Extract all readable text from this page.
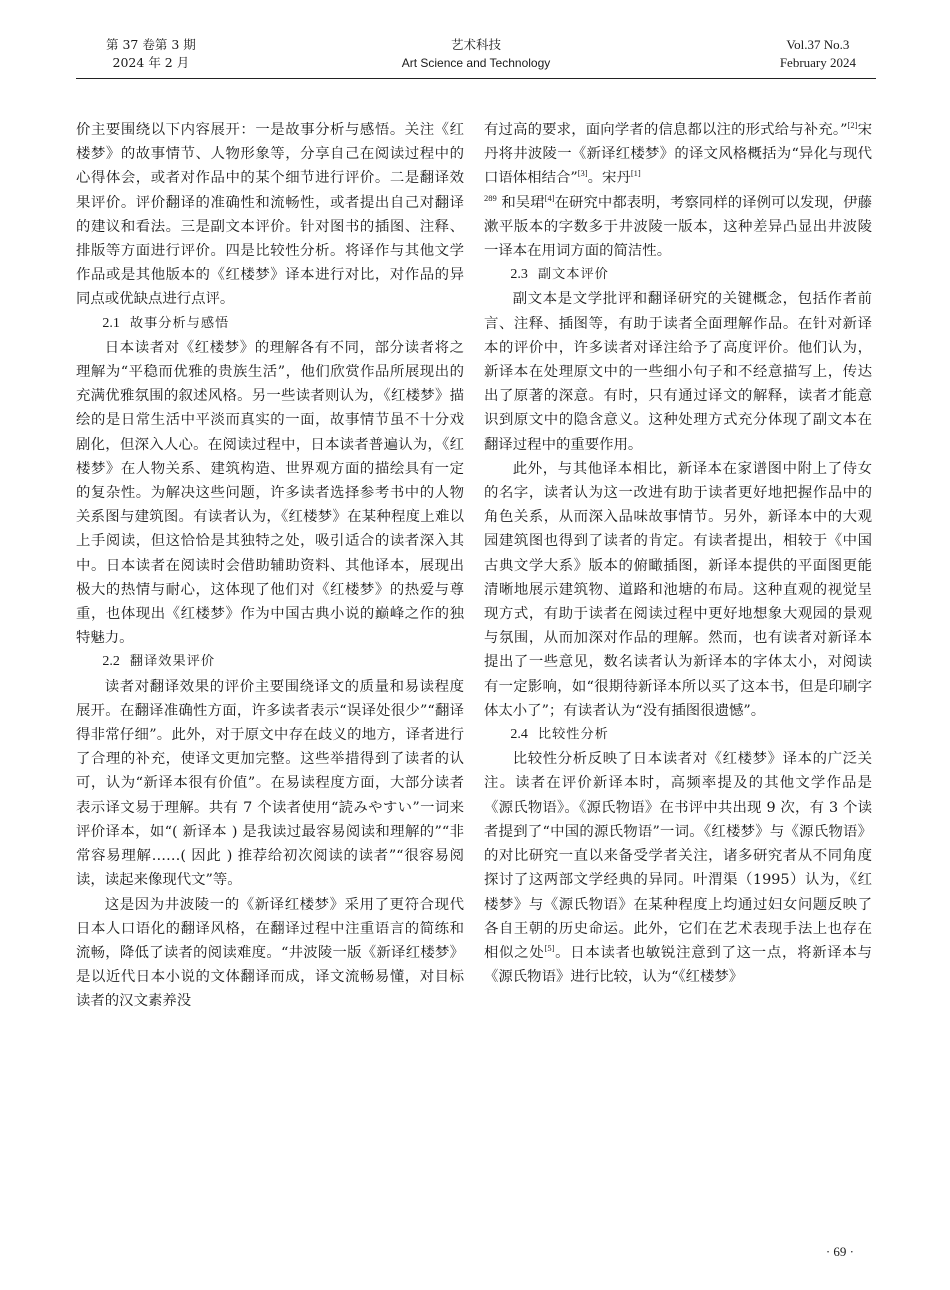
第 37 卷第 3 期
2024 年 2 月
艺术科技
Art Science and Technology
Vol.37 No.3
February 2024

价主要围绕以下内容展开：一是故事分析与感悟。关注《红楼梦》的故事情节、人物形象等，分享自己在阅读过程中的心得体会，或者对作品中的某个细节进行评价。二是翻译效果评价。评价翻译的准确性和流畅性，或者提出自己对翻译的建议和看法。三是副文本评价。针对图书的插图、注释、排版等方面进行评价。四是比较性分析。将译作与其他文学作品或是其他版本的《红楼梦》译本进行对比，对作品的异同点或优缺点进行点评。

2.1 故事分析与感悟

日本读者对《红楼梦》的理解各有不同，部分读者将之理解为“平稳而优雅的贵族生活”，他们欣赏作品所展现出的充满优雅氛围的叙述风格。另一些读者则认为，《红楼梦》描绘的是日常生活中平淡而真实的一面，故事情节虽不十分戏剧化，但深入人心。在阅读过程中，日本读者普遍认为，《红楼梦》在人物关系、建筑构造、世界观方面的描绘具有一定的复杂性。为解决这些问题，许多读者选择参考书中的人物关系图与建筑图。有读者认为，《红楼梦》在某种程度上难以上手阅读，但这恰恰是其独特之处，吸引适合的读者深入其中。日本读者在阅读时会借助辅助资料、其他译本，展现出极大的热情与耐心，这体现了他们对《红楼梦》的热爱与尊重，也体现出《红楼梦》作为中国古典小说的巅峰之作的独特魅力。

2.2 翻译效果评价

读者对翻译效果的评价主要围绕译文的质量和易读程度展开。在翻译准确性方面，许多读者表示“误译处很少”“翻译得非常仔细”。此外，对于原文中存在歧义的地方，译者进行了合理的补充，使译文更加完整。这些举措得到了读者的认可，认为“新译本很有价值”。在易读程度方面，大部分读者表示译文易于理解。共有 7 个读者使用“読みやすい”一词来评价译本，如“( 新译本 ) 是我读过最容易阅读和理解的”“非常容易理解……( 因此 ) 推荐给初次阅读的读者”“很容易阅读，读起来像现代文”等。

这是因为井波陵一的《新译红楼梦》采用了更符合现代日本人口语化的翻译风格，在翻译过程中注重语言的简练和流畅，降低了读者的阅读难度。“井波陵一版《新译红楼梦》是以近代日本小说的文体翻译而成，译文流畅易懂，对目标读者的汉文素养没

有过高的要求，面向学者的信息都以注的形式给与补充。”[2]宋丹将井波陵一《新译红楼梦》的译文风格概括为“异化与现代口语体相结合”[3]。宋丹[1]
$^{289}$ 和吴珺[4]在研究中都表明，考察同样的译例可以发现，伊藤漱平版本的字数多于井波陵一版本，这种差异凸显出井波陵一译本在用词方面的简洁性。

2.3 副文本评价

副文本是文学批评和翻译研究的关键概念，包括作者前言、注释、插图等，有助于读者全面理解作品。在针对新译本的评价中，许多读者对译注给予了高度评价。他们认为，新译本在处理原文中的一些细小句子和不经意描写上，传达出了原著的深意。有时，只有通过译文的解释，读者才能意识到原文中的隐含意义。这种处理方式充分体现了副文本在翻译过程中的重要作用。

此外，与其他译本相比，新译本在家谱图中附上了侍女的名字，读者认为这一改进有助于读者更好地把握作品中的角色关系，从而深入品味故事情节。另外，新译本中的大观园建筑图也得到了读者的肯定。有读者提出，相较于《中国古典文学大系》版本的俯瞰插图，新译本提供的平面图更能清晰地展示建筑物、道路和池塘的布局。这种直观的视觉呈现方式，有助于读者在阅读过程中更好地想象大观园的景观与氛围，从而加深对作品的理解。然而，也有读者对新译本提出了一些意见，数名读者认为新译本的字体太小，对阅读有一定影响，如“很期待新译本所以买了这本书，但是印刷字体太小了”；有读者认为“没有插图很遗憾”。

2.4 比较性分析

比较性分析反映了日本读者对《红楼梦》译本的广泛关注。读者在评价新译本时，高频率提及的其他文学作品是《源氏物语》。《源氏物语》在书评中共出现 9 次，有 3 个读者提到了“中国的源氏物语”一词。《红楼梦》与《源氏物语》的对比研究一直以来备受学者关注，诸多研究者从不同角度探讨了这两部文学经典的异同。叶渭渠（1995）认为，《红楼梦》与《源氏物语》在某种程度上均通过妇女问题反映了各自王朝的历史命运。此外，它们在艺术表现手法上也存在相似之处[5]。日本读者也敏锐注意到了这一点，将新译本与《源氏物语》进行比较，认为“《红楼梦》

· 69 ·
